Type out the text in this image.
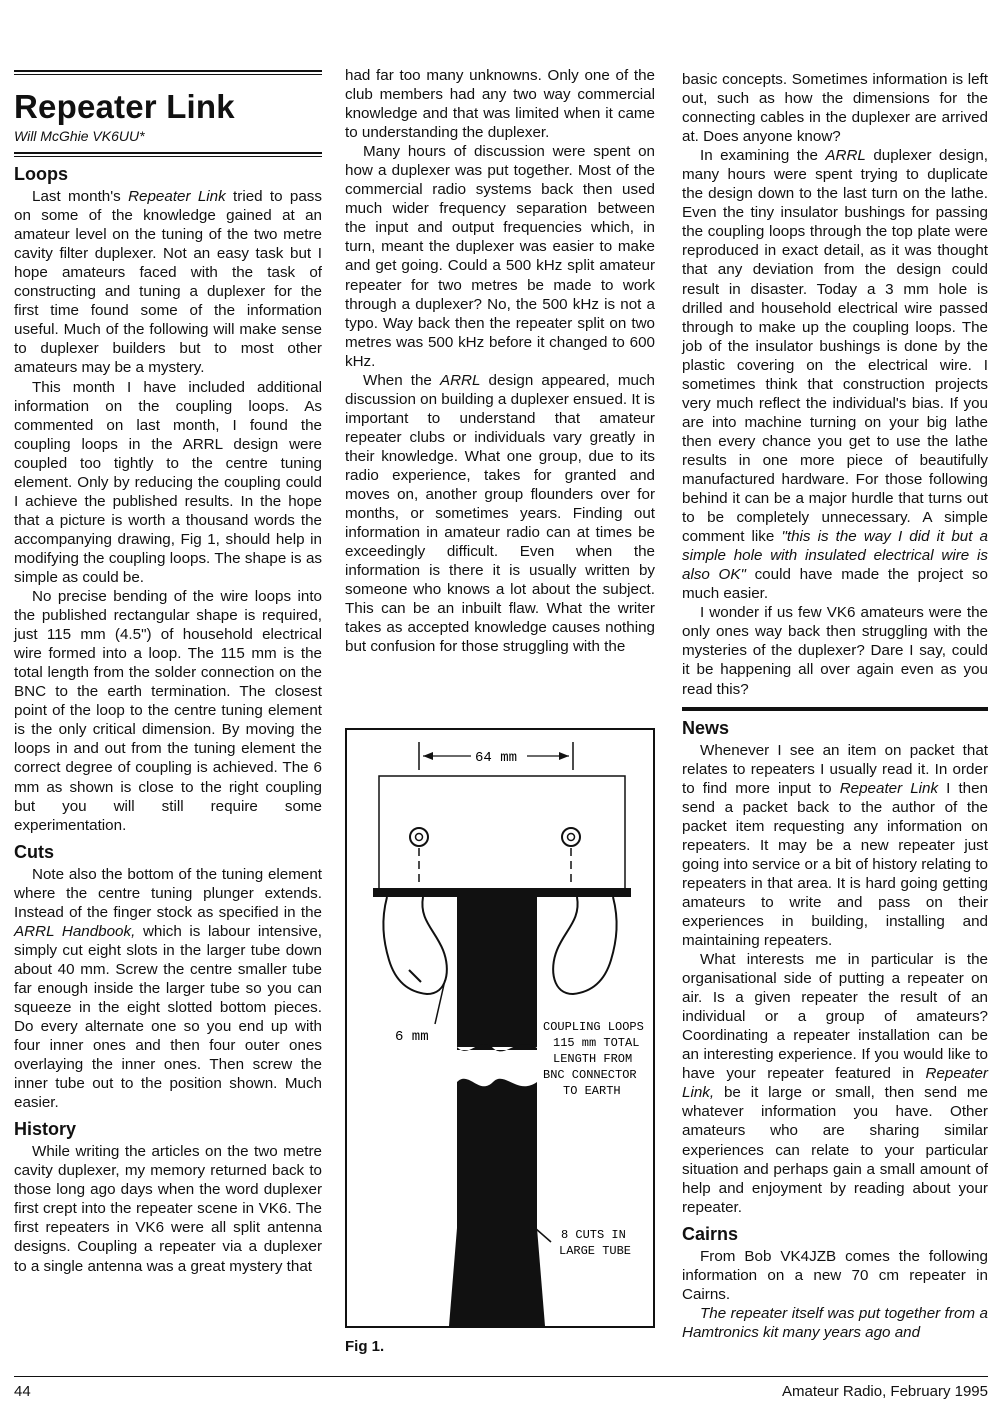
Repeater Link
Will McGhie VK6UU*
Loops

Last month's Repeater Link tried to pass on some of the knowledge gained at an amateur level on the tuning of the two metre cavity filter duplexer. Not an easy task but I hope amateurs faced with the task of constructing and tuning a duplexer for the first time found some of the information useful. Much of the following will make sense to duplexer builders but to most other amateurs may be a mystery.

This month I have included additional information on the coupling loops. As commented on last month, I found the coupling loops in the ARRL design were coupled too tightly to the centre tuning element. Only by reducing the coupling could I achieve the published results. In the hope that a picture is worth a thousand words the accompanying drawing, Fig 1, should help in modifying the coupling loops. The shape is as simple as could be.

No precise bending of the wire loops into the published rectangular shape is required, just 115 mm (4.5") of household electrical wire formed into a loop. The 115 mm is the total length from the solder connection on the BNC to the earth termination. The closest point of the loop to the centre tuning element is the only critical dimension. By moving the loops in and out from the tuning element the correct degree of coupling is achieved. The 6 mm as shown is close to the right coupling but you will still require some experimentation.

Cuts

Note also the bottom of the tuning element where the centre tuning plunger extends. Instead of the finger stock as specified in the ARRL Handbook, which is labour intensive, simply cut eight slots in the larger tube down about 40 mm. Screw the centre smaller tube far enough inside the larger tube so you can squeeze in the eight slotted bottom pieces. Do every alternate one so you end up with four inner ones and then four outer ones overlaying the inner ones. Then screw the inner tube out to the position shown. Much easier.

History

While writing the articles on the two metre cavity duplexer, my memory returned back to those long ago days when the word duplexer first crept into the repeater scene in VK6. The first repeaters in VK6 were all split antenna designs. Coupling a repeater via a duplexer to a single antenna was a great mystery that

had far too many unknowns. Only one of the club members had any two way commercial knowledge and that was limited when it came to understanding the duplexer.

Many hours of discussion were spent on how a duplexer was put together. Most of the commercial radio systems back then used much wider frequency separation between the input and output frequencies which, in turn, meant the duplexer was easier to make and get going. Could a 500 kHz split amateur repeater for two metres be made to work through a duplexer? No, the 500 kHz is not a typo. Way back then the repeater split on two metres was 500 kHz before it changed to 600 kHz.

When the ARRL design appeared, much discussion on building a duplexer ensued. It is important to understand that amateur repeater clubs or individuals vary greatly in their knowledge. What one group, due to its radio experience, takes for granted and moves on, another group flounders over for months, or sometimes years. Finding out information in amateur radio can at times be exceedingly difficult. Even when the information is there it is usually written by someone who knows a lot about the subject. This can be an inbuilt flaw. What the writer takes as accepted knowledge causes nothing but confusion for those struggling with the

64 mm
6 mm
COUPLING LOOPS
115 mm TOTAL
LENGTH FROM
BNC CONNECTOR
TO EARTH
8 CUTS IN
LARGE TUBE
Fig 1.

basic concepts. Sometimes information is left out, such as how the dimensions for the connecting cables in the duplexer are arrived at. Does anyone know?

In examining the ARRL duplexer design, many hours were spent trying to duplicate the design down to the last turn on the lathe. Even the tiny insulator bushings for passing the coupling loops through the top plate were reproduced in exact detail, as it was thought that any deviation from the design could result in disaster. Today a 3 mm hole is drilled and household electrical wire passed through to make up the coupling loops. The job of the insulator bushings is done by the plastic covering on the electrical wire. I sometimes think that construction projects very much reflect the individual's bias. If you are into machine turning on your big lathe then every chance you get to use the lathe results in one more piece of beautifully manufactured hardware. For those following behind it can be a major hurdle that turns out to be completely unnecessary. A simple comment like "this is the way I did it but a simple hole with insulated electrical wire is also OK" could have made the project so much easier.

I wonder if us few VK6 amateurs were the only ones way back then struggling with the mysteries of the duplexer? Dare I say, could it be happening all over again even as you read this?

News

Whenever I see an item on packet that relates to repeaters I usually read it. In order to find more input to Repeater Link I then send a packet back to the author of the packet item requesting any information on repeaters. It may be a new repeater just going into service or a bit of history relating to repeaters in that area. It is hard going getting amateurs to write and pass on their experiences in building, installing and maintaining repeaters.

What interests me in particular is the organisational side of putting a repeater on air. Is a given repeater the result of an individual or a group of amateurs? Coordinating a repeater installation can be an interesting experience. If you would like to have your repeater featured in Repeater Link, be it large or small, then send me whatever information you have. Other amateurs who are sharing similar experiences can relate to your particular situation and perhaps gain a small amount of help and enjoyment by reading about your repeater.

Cairns

From Bob VK4JZB comes the following information on a new 70 cm repeater in Cairns.

The repeater itself was put together from a Hamtronics kit many years ago and

44	Amateur Radio, February 1995
